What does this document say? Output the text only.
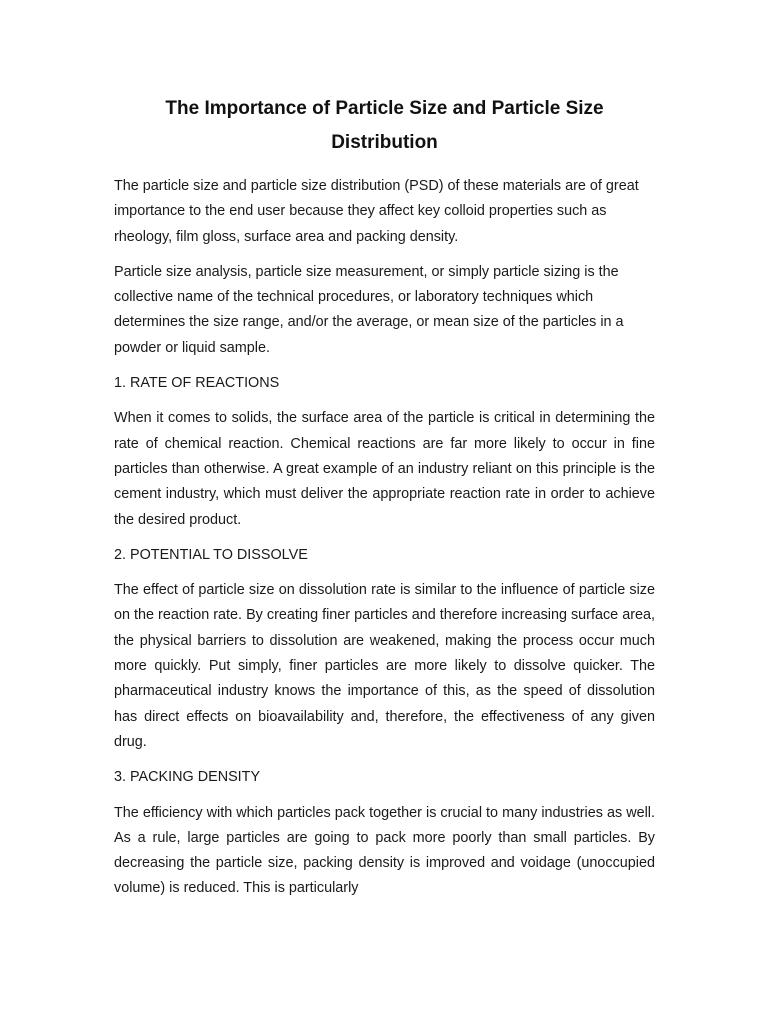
The Importance of Particle Size and Particle Size Distribution

The particle size and particle size distribution (PSD) of these materials are of great importance to the end user because they affect key colloid properties such as rheology, film gloss, surface area and packing density.

Particle size analysis, particle size measurement, or simply particle sizing is the collective name of the technical procedures, or laboratory techniques which determines the size range, and/or the average, or mean size of the particles in a powder or liquid sample.

1. RATE OF REACTIONS

When it comes to solids, the surface area of the particle is critical in determining the rate of chemical reaction. Chemical reactions are far more likely to occur in fine particles than otherwise. A great example of an industry reliant on this principle is the cement industry, which must deliver the appropriate reaction rate in order to achieve the desired product.

2. POTENTIAL TO DISSOLVE

The effect of particle size on dissolution rate is similar to the influence of particle size on the reaction rate. By creating finer particles and therefore increasing surface area, the physical barriers to dissolution are weakened, making the process occur much more quickly. Put simply, finer particles are more likely to dissolve quicker. The pharmaceutical industry knows the importance of this, as the speed of dissolution has direct effects on bioavailability and, therefore, the effectiveness of any given drug.

3. PACKING DENSITY

The efficiency with which particles pack together is crucial to many industries as well. As a rule, large particles are going to pack more poorly than small particles. By decreasing the particle size, packing density is improved and voidage (unoccupied volume) is reduced. This is particularly
